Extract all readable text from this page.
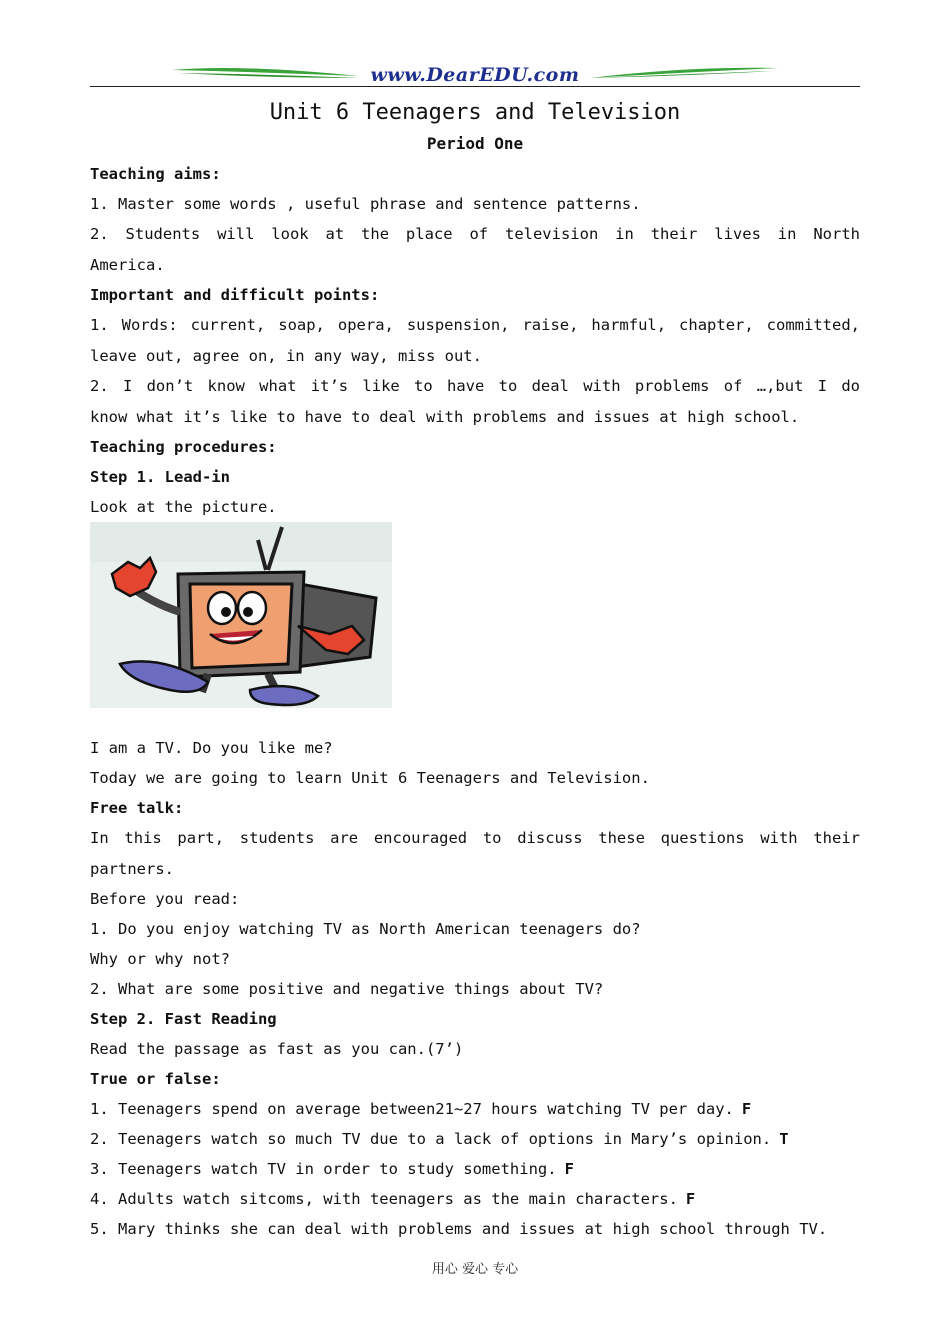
www.DearEDU.com
Unit 6 Teenagers and Television
Period One
Teaching aims:
1. Master some words , useful phrase and sentence patterns.
2. Students will look at the place of television in their lives in North
America.
Important and difficult points:
1. Words: current, soap, opera, suspension, raise, harmful, chapter, committed,
leave out, agree on, in any way, miss out.
2. I don’t know what it’s like to have to deal with problems of …,but I do
know what it’s like to have to deal with problems and issues at high school.
Teaching procedures:
Step 1. Lead-in
Look at the picture.
I am a TV. Do you like me?
Today we are going to learn Unit 6 Teenagers and Television.
Free talk:
In this part, students are encouraged to discuss these questions with their
partners.
Before you read:
1. Do you enjoy watching TV as North American teenagers do?
Why or why not?
2. What are some positive and negative things about TV?
Step 2. Fast Reading
Read the passage as fast as you can.(7’)
True or false:
1. Teenagers spend on average between21~27 hours watching TV per day. F
2. Teenagers watch so much TV due to a lack of options in Mary’s opinion. T
3. Teenagers watch TV in order to study something. F
4. Adults watch sitcoms, with teenagers as the main characters. F
5. Mary thinks she can deal with problems and issues at high school through TV.
用心 爱心 专心
